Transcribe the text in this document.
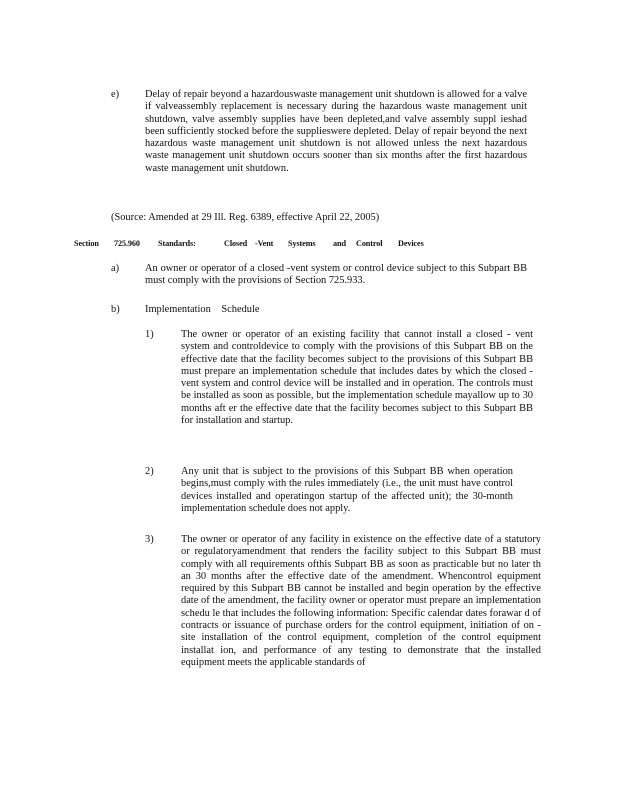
e) Delay of repair beyond a hazardouswaste management unit shutdown is allowed for a valve if valveassembly replacement is necessary during the hazardous waste management unit shutdown, valve assembly supplies have been depleted,and valve assembly suppl ieshad been sufficiently stocked before the supplieswere depleted. Delay of repair beyond the next hazardous waste management unit shutdown is not allowed unless the next hazardous waste management unit shutdown occurs sooner than six months after the first hazardous waste management unit shutdown.
(Source: Amended at 29 Ill. Reg. 6389, effective April 22, 2005)
Section 725.960 Standards:	Closed -Vent Systems and Control Devices
a) An owner or operator of a closed -vent system or control device subject to this Subpart BB must comply with the provisions of Section 725.933.
b) Implementation Schedule
1)	The owner or operator of an existing facility that cannot install a closed - vent system and controldevice to comply with the provisions of this Subpart BB on the effective date that the facility becomes subject to the provisions of this Subpart BB must prepare an implementation schedule that includes dates by which the closed -vent system and control device will be installed and in operation. The controls must be installed as soon as possible, but the implementation schedule mayallow up to 30 months aft er the effective date that the facility becomes subject to this Subpart BB for installation and startup.
2)	Any unit that is subject to the provisions of this Subpart BB when operation begins,must comply with the rules immediately (i.e., the unit must have control devices installed and operatingon startup of the affected unit); the 30-month implementation schedule does not apply.
3)	The owner or operator of any facility in existence on the effective date of a statutory or regulatoryamendment that renders the facility subject to this Subpart BB must comply with all requirements ofthis Subpart BB as soon as practicable but no later th an 30 months after the effective date of the amendment. Whencontrol equipment required by this Subpart BB cannot be installed and begin operation by the effective date of the amendment, the facility owner or operator must prepare an implementation schedu le that includes the following information: Specific calendar dates forawar d of contracts or issuance of purchase orders for the control equipment, initiation of on -site installation of the control equipment, completion of the control equipment installat ion, and performance of any testing to demonstrate that the installed equipment meets the applicable standards of
